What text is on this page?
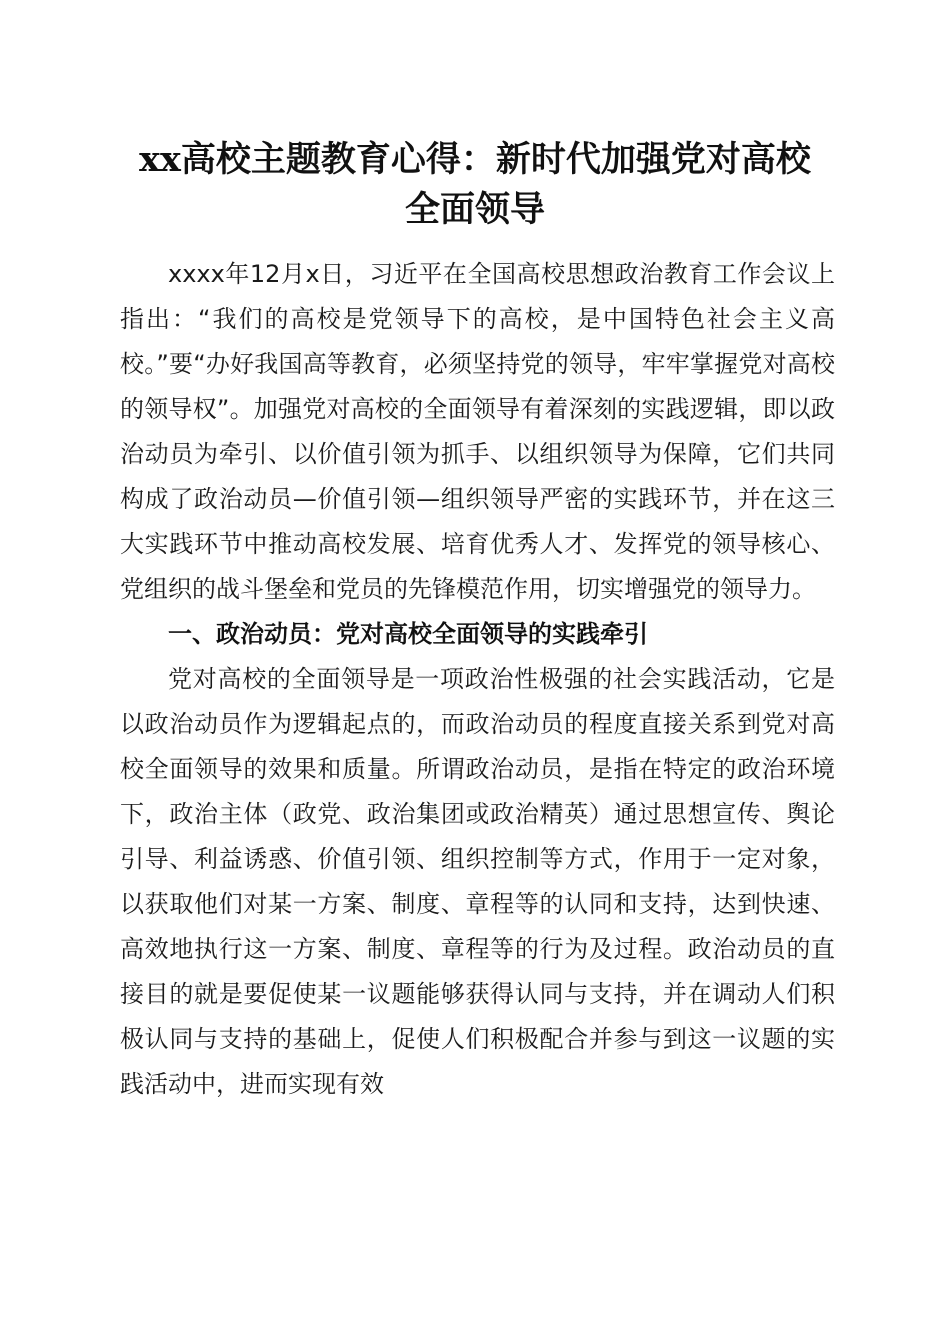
xx高校主题教育心得：新时代加强党对高校
全面领导

xxxx年12月x日，习近平在全国高校思想政治教育工作会议上指出：“我们的高校是党领导下的高校，是中国特色社会主义高校。”要“办好我国高等教育，必须坚持党的领导，牢牢掌握党对高校的领导权”。加强党对高校的全面领导有着深刻的实践逻辑，即以政治动员为牵引、以价值引领为抓手、以组织领导为保障，它们共同构成了政治动员—价值引领—组织领导严密的实践环节，并在这三大实践环节中推动高校发展、培育优秀人才、发挥党的领导核心、党组织的战斗堡垒和党员的先锋模范作用，切实增强党的领导力。

一、政治动员：党对高校全面领导的实践牵引

党对高校的全面领导是一项政治性极强的社会实践活动，它是以政治动员作为逻辑起点的，而政治动员的程度直接关系到党对高校全面领导的效果和质量。所谓政治动员，是指在特定的政治环境下，政治主体（政党、政治集团或政治精英）通过思想宣传、舆论引导、利益诱惑、价值引领、组织控制等方式，作用于一定对象，以获取他们对某一方案、制度、章程等的认同和支持，达到快速、高效地执行这一方案、制度、章程等的行为及过程。政治动员的直接目的就是要促使某一议题能够获得认同与支持，并在调动人们积极认同与支持的基础上，促使人们积极配合并参与到这一议题的实践活动中，进而实现有效
